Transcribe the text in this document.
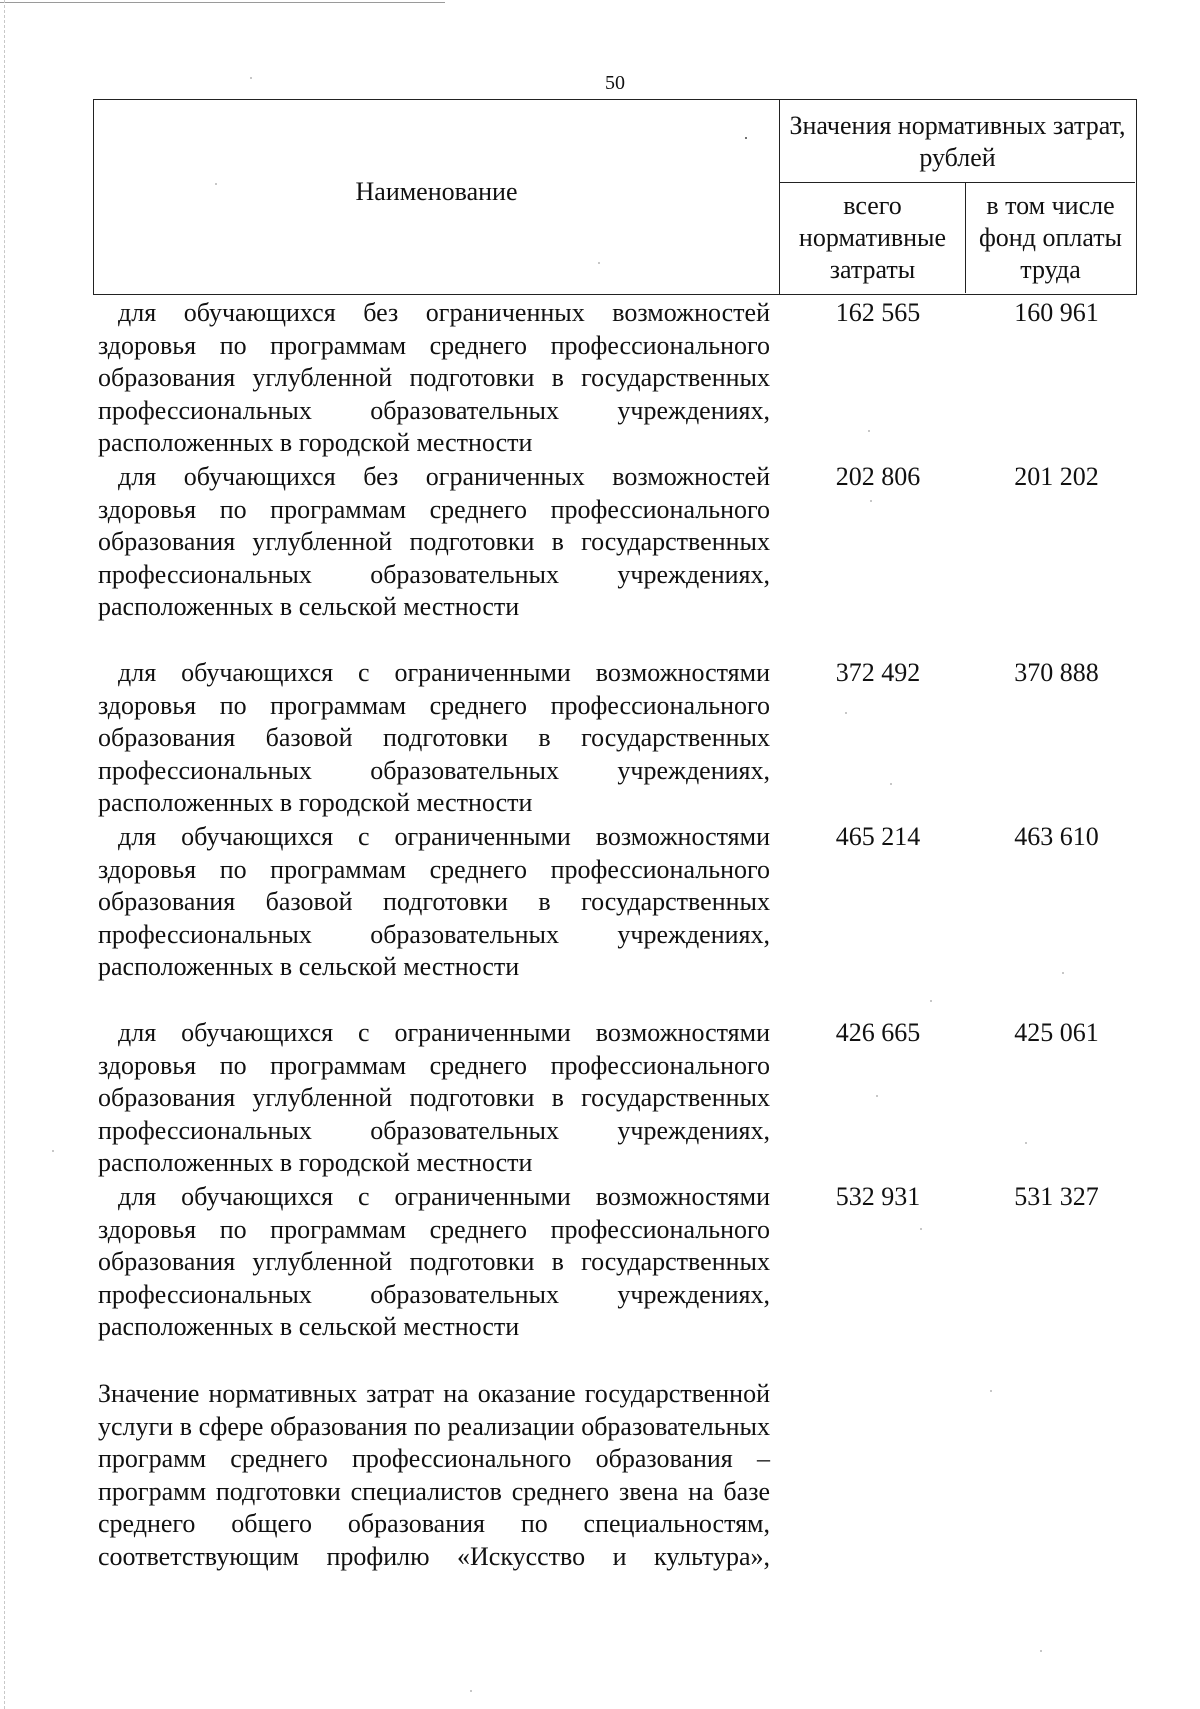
50
Наименование
Значения нормативных затрат, рублей
всего нормативные затраты
в том числе фонд оплаты труда
для обучающихся без ограниченных возможностей здоровья по программам среднего профессионального образования углубленной подготовки в государственных профессиональных образовательных учреждениях, расположенных в городской местности
162 565	160 961
для обучающихся без ограниченных возможностей здоровья по программам среднего профессионального образования углубленной подготовки в государственных профессиональных образовательных учреждениях, расположенных в сельской местности
202 806	201 202
для обучающихся с ограниченными возможностями здоровья по программам среднего профессионального образования базовой подготовки в государственных профессиональных образовательных учреждениях, расположенных в городской местности
372 492	370 888
для обучающихся с ограниченными возможностями здоровья по программам среднего профессионального образования базовой подготовки в государственных профессиональных образовательных учреждениях, расположенных в сельской местности
465 214	463 610
для обучающихся с ограниченными возможностями здоровья по программам среднего профессионального образования углубленной подготовки в государственных профессиональных образовательных учреждениях, расположенных в городской местности
426 665	425 061
для обучающихся с ограниченными возможностями здоровья по программам среднего профессионального образования углубленной подготовки в государственных профессиональных образовательных учреждениях, расположенных в сельской местности
532 931	531 327
Значение нормативных затрат на оказание государственной услуги в сфере образования по реализации образовательных программ среднего профессионального образования – программ подготовки специалистов среднего звена на базе среднего общего образования по специальностям, соответствующим профилю «Искусство и культура»,
